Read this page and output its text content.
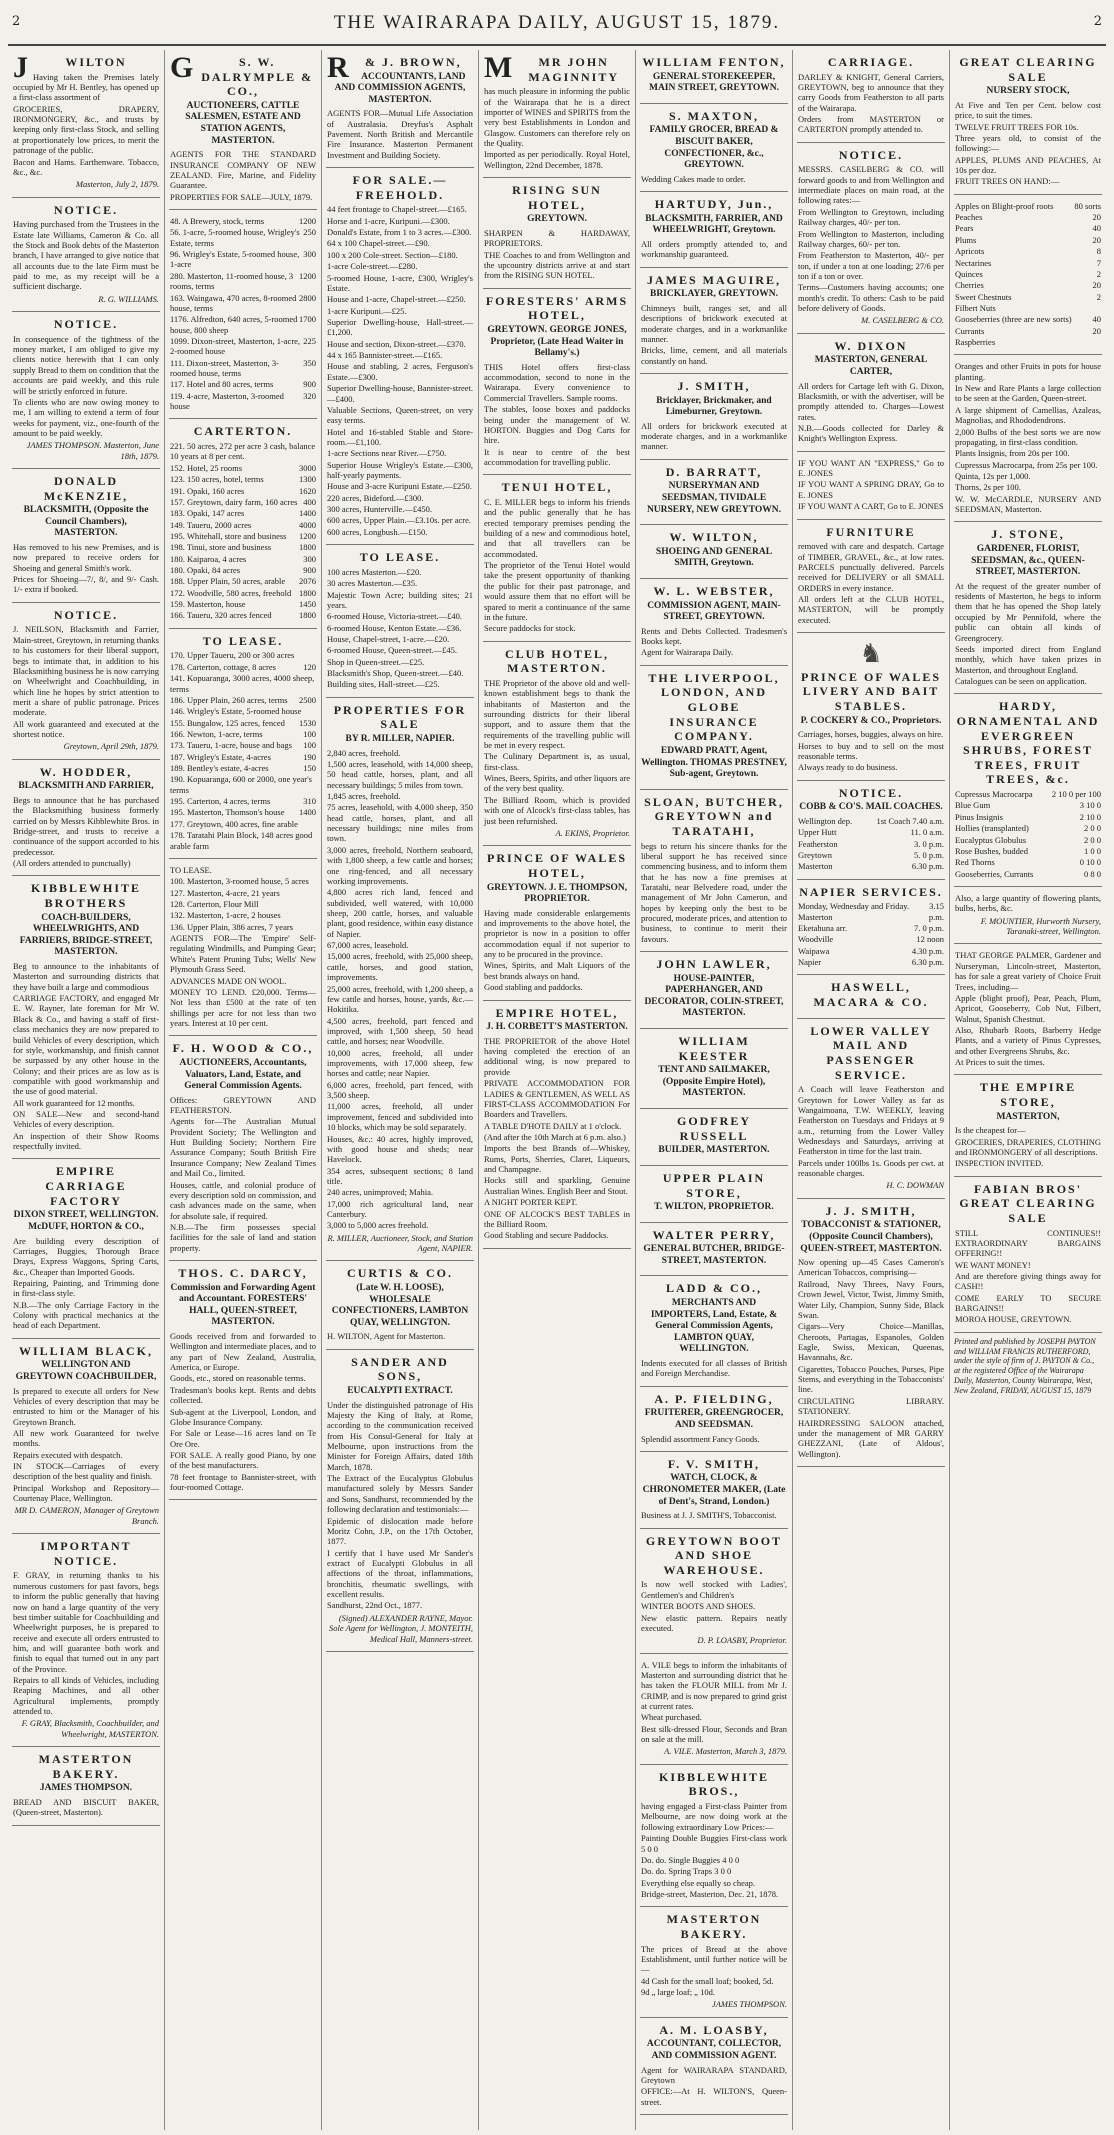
2	THE WAIRARAPA DAILY, AUGUST 15, 1879.	2
J	WILTON

Having taken the Premises lately occupied by Mr H. Bentley, has opened up a first-class assortment of

GROCERIES, DRAPERY, IRONMONGERY, &c., and trusts by keeping only first-class Stock, and selling at proportionately low prices, to merit the patronage of the public.

Bacon and Hams. Earthenware. Tobacco, &c., &c.

Masterton, July 2, 1879.

NOTICE.

Having purchased from the Trustees in the Estate late Williams, Cameron & Co. all the Stock and Book debts of the Masterton branch, I have arranged to give notice that all accounts due to the late Firm must be paid to me, as my receipt will be a sufficient discharge.

R. G. WILLIAMS.

NOTICE.

In consequence of the tightness of the money market, I am obliged to give my clients notice herewith that I can only supply Bread to them on condition that the accounts are paid weekly, and this rule will be strictly enforced in future.

To clients who are now owing money to me, I am willing to extend a term of four weeks for payment, viz., one-fourth of the amount to be paid weekly.

JAMES THOMPSON. Masterton, June 18th, 1879.

DONALD McKENZIE,
BLACKSMITH, (Opposite the Council Chambers), MASTERTON.

Has removed to his new Premises, and is now prepared to receive orders for Shoeing and general Smith's work.

Prices for Shoeing—7/, 8/, and 9/- Cash. 1/- extra if booked.

NOTICE.

J. NEILSON, Blacksmith and Farrier, Main-street, Greytown, in returning thanks to his customers for their liberal support, begs to intimate that, in addition to his Blacksmithing business he is now carrying on Wheelwright and Coachbuilding, in which line he hopes by strict attention to merit a share of public patronage. Prices moderate.

All work guaranteed and executed at the shortest notice.

Greytown, April 29th, 1879.

W. HODDER,
BLACKSMITH AND FARRIER,

Begs to announce that he has purchased the Blacksmithing business formerly carried on by Messrs Kibblewhite Bros. in Bridge-street, and trusts to receive a continuance of the support accorded to his predecessor.

(All orders attended to punctually)

KIBBLEWHITE BROTHERS
COACH-BUILDERS, WHEELWRIGHTS, AND FARRIERS, BRIDGE-STREET, MASTERTON.

Beg to announce to the inhabitants of Masterton and surrounding districts that they have built a large and commodious

CARRIAGE FACTORY, and engaged Mr E. W. Rayner, late foreman for Mr W. Black & Co., and having a staff of first-class mechanics they are now prepared to build Vehicles of every description, which for style, workmanship, and finish cannot be surpassed by any other house in the Colony; and their prices are as low as is compatible with good workmanship and the use of good material.

All work guaranteed for 12 months.

ON SALE—New and second-hand Vehicles of every description.

An inspection of their Show Rooms respectfully invited.

EMPIRE CARRIAGE FACTORY
DIXON STREET, WELLINGTON. McDUFF, HORTON & CO.,

Are building every description of Carriages, Buggies, Thorough Brace Drays, Express Waggons, Spring Carts, &c., Cheaper than Imported Goods.

Repairing, Painting, and Trimming done in first-class style.

N.B.—The only Carriage Factory in the Colony with practical mechanics at the head of each Department.

WILLIAM BLACK,
WELLINGTON AND GREYTOWN COACHBUILDER,

Is prepared to execute all orders for New Vehicles of every description that may be entrusted to him or the Manager of his Greytown Branch.

All new work Guaranteed for twelve months.

Repairs executed with despatch.

IN STOCK—Carriages of every description of the best quality and finish.

Principal Workshop and Repository—Courtenay Place, Wellington.

MR D. CAMERON, Manager of Greytown Branch.

IMPORTANT NOTICE.

F. GRAY, in returning thanks to his numerous customers for past favors, begs to inform the public generally that having now on hand a large quantity of the very best timber suitable for Coachbuilding and Wheelwright purposes, he is prepared to receive and execute all orders entrusted to him, and will guarantee both work and finish to equal that turned out in any part of the Province.

Repairs to all kinds of Vehicles, including Reaping Machines, and all other Agricultural implements, promptly attended to.

F. GRAY, Blacksmith, Coachbuilder, and Wheelwright, MASTERTON.

MASTERTON BAKERY.
JAMES THOMPSON.

BREAD AND BISCUIT BAKER, (Queen-street, Masterton).

G	S. W. DALRYMPLE & CO.,
AUCTIONEERS, CATTLE SALESMEN, ESTATE AND STATION AGENTS, MASTERTON.

AGENTS FOR THE STANDARD INSURANCE COMPANY OF NEW ZEALAND. Fire, Marine, and Fidelity Guarantee.

PROPERTIES FOR SALE—JULY, 1879.

48. A Brewery, stock, terms	1200
56. 1-acre, 5-roomed house, Wrigley's Estate, terms
250
96. Wrigley's Estate, 5-roomed house, 1-acre
300
280. Masterton, 11-roomed house, 3 rooms, terms
1200
163. Waingawa, 470 acres, 8-roomed house, terms
2800
1176. Alfredton, 640 acres, 5-roomed house, 800 sheep
1700
1099. Dixon-street, Masterton, 1-acre, 2-roomed house
225
111. Dixon-street, Masterton, 3-roomed house, terms
350
117. Hotel and 80 acres, terms	900
119. 4-acre, Masterton, 3-roomed house
320
CARTERTON.
221. 50 acres, 272 per acre 3 cash, balance 10 years at 8 per cent.
152. Hotel, 25 rooms	3000
123. 150 acres, hotel, terms	1300
191. Opaki, 160 acres	1620
157. Greytown, dairy farm, 160 acres 400
183. Opaki, 147 acres	1400
149. Taueru, 2000 acres	4000
195. Whitehall, store and business 1200
198. Tinui, store and business	1800
180. Kaiparoa, 4 acres	300
180. Opaki, 84 acres	900
188. Upper Plain, 50 acres, arable 2076
172. Woodville, 580 acres, freehold 1800
159. Masterton, house	1450
166. Taueru, 320 acres fenced	1800
TO LEASE.
170. Upper Taueru, 200 or 300 acres
178. Carterton, cottage, 8 acres	120
141. Kopuaranga, 3000 acres, 4000 sheep, terms
186. Upper Plain, 260 acres, terms 2500
146. Wrigley's Estate, 5-roomed house
155. Bungalow, 125 acres, fenced 1530
166. Newton, 1-acre, terms	100
173. Taueru, 1-acre, house and bags 100
187. Wrigley's Estate, 4-acres	190
189. Bentley's estate, 4-acres	150
190. Kopuaranga, 600 or 2000, one year's terms
195. Carterton, 4 acres, terms	310
195. Masterton, Thomson's house 1400
177. Greytown, 400 acres, fine arable
178. Taratahi Plain Block, 148 acres good arable farm

TO LEASE.

100. Masterton, 3-roomed house, 5 acres

127. Masterton, 4-acre, 21 years

128. Carterton, Flour Mill

132. Masterton, 1-acre, 2 houses

136. Upper Plain, 386 acres, 7 years

AGENTS FOR—The 'Empire' Self-regulating Windmills, and Pumping Gear; White's Patent Pruning Tubs; Wells' New Plymouth Grass Seed.

ADVANCES MADE ON WOOL.

MONEY TO LEND. £20,000. Terms—Not less than £500 at the rate of ten shillings per acre for not less than two years. Interest at 10 per cent.

F. H. WOOD & CO.,
AUCTIONEERS, Accountants, Valuators, Land, Estate, and General Commission Agents.

Offices: GREYTOWN AND FEATHERSTON.

Agents for—The Australian Mutual Provident Society; The Wellington and Hutt Building Society; Northern Fire Assurance Company; South British Fire Insurance Company; New Zealand Times and Mail Co., limited.

Houses, cattle, and colonial produce of every description sold on commission, and cash advances made on the same, when for absolute sale, if required.

N.B.—The firm possesses special facilities for the sale of land and station property.

THOS. C. DARCY,
Commission and Forwarding Agent and Accountant. FORESTERS' HALL, QUEEN-STREET, MASTERTON.

Goods received from and forwarded to Wellington and intermediate places, and to any part of New Zealand, Australia, America, or Europe.

Goods, etc., stored on reasonable terms.

Tradesman's books kept. Rents and debts collected.

Sub-agent at the Liverpool, London, and Globe Insurance Company.

For Sale or Lease—16 acres land on Te Ore Ore.

FOR SALE. A really good Piano, by one of the best manufacturers.

78 feet frontage to Bannister-street, with four-roomed Cottage.

R & J. BROWN,
ACCOUNTANTS, LAND AND COMMISSION AGENTS, MASTERTON.

AGENTS FOR—Mutual Life Association of Australasia. Dreyfus's Asphalt Pavement. North British and Mercantile Fire Insurance. Masterton Permanent Investment and Building Society.

FOR SALE.—FREEHOLD.

44 feet frontage to Chapel-street.—£165.

Horse and 1-acre, Kuripuni.—£300.

Donald's Estate, from 1 to 3 acres.—£300.

64 x 100 Chapel-street.—£90.

100 x 200 Cole-street. Section—£180.

1-acre Cole-street.—£280.

5-roomed House, 1-acre, £300, Wrigley's Estate.

House and 1-acre, Chapel-street.—£250.

1-acre Kuripuni.—£25.

Superior Dwelling-house, Hall-street.—£1,200.

House and section, Dixon-street.—£370.

44 x 165 Bannister-street.—£165.

House and stabling, 2 acres, Ferguson's Estate.—£300.

Superior Dwelling-house, Bannister-street.—£400.

Valuable Sections, Queen-street, on very easy terms.

Hotel and 16-stabled Stable and Store-room.—£1,100.

1-acre Sections near River.—£750.

Superior House Wrigley's Estate.—£300, half-yearly payments.

House and 3-acre Kuripuni Estate.—£250.

220 acres, Bideford.—£300.

300 acres, Hunterville.—£450.

600 acres, Upper Plain.—£3.10s. per acre.

600 acres, Longbush.—£150.

TO LEASE.

100 acres Masterton.—£20.

30 acres Masterton.—£35.

Majestic Town Acre; building sites; 21 years.

6-roomed House, Victoria-street.—£40.

6-roomed House, Kenton Estate.—£36.

House, Chapel-street, 1-acre.—£20.

6-roomed House, Queen-street.—£45.

Shop in Queen-street.—£25.

Blacksmith's Shop, Queen-street.—£40.

Building sites, Hall-street.—£25.

PROPERTIES FOR SALE
BY R. MILLER, NAPIER.

2,840 acres, freehold.

1,500 acres, leasehold, with 14,000 sheep, 50 head cattle, horses, plant, and all necessary buildings; 5 miles from town.

1,845 acres, freehold.

75 acres, leasehold, with 4,000 sheep, 350 head cattle, horses, plant, and all necessary buildings; nine miles from town.

3,000 acres, freehold, Northern seaboard, with 1,800 sheep, a few cattle and horses; one ring-fenced, and all necessary working improvements.

4,800 acres rich land, fenced and subdivided, well watered, with 10,000 sheep, 200 cattle, horses, and valuable plant, good residence, within easy distance of Napier.

67,000 acres, leasehold.

15,000 acres, freehold, with 25,000 sheep, cattle, horses, and good station, improvements.

25,000 acres, freehold, with 1,200 sheep, a few cattle and horses, house, yards, &c.—Hokitika.

4,500 acres, freehold, part fenced and improved, with 1,500 sheep, 50 head cattle, and horses; near Woodville.

10,000 acres, freehold, all under improvements, with 17,000 sheep, few horses and cattle; near Napier.

6,000 acres, freehold, part fenced, with 3,500 sheep.

11,000 acres, freehold, all under improvement, fenced and subdivided into 10 blocks, which may be sold separately.

Houses, &c.: 40 acres, highly improved, with good house and sheds; near Havelock.

354 acres, subsequent sections; 8 land title.

240 acres, unimproved; Mahia.

17,000 rich agricultural land, near Canterbury.

3,000 to 5,000 acres freehold.

R. MILLER, Auctioneer, Stock, and Station Agent, NAPIER.

CURTIS & CO.
(Late W. H. LOOSE), WHOLESALE CONFECTIONERS, LAMBTON QUAY, WELLINGTON.

H. WILTON, Agent for Masterton.

SANDER AND SONS,
EUCALYPTI EXTRACT.

Under the distinguished patronage of His Majesty the King of Italy, at Rome, according to the communication received from His Consul-General for Italy at Melbourne, upon instructions from the Minister for Foreign Affairs, dated 18th March, 1878.

The Extract of the Eucalyptus Globulus manufactured solely by Messrs Sander and Sons, Sandhurst, recommended by the following declaration and testimonials:—

Epidemic of dislocation made before Moritz Cohn, J.P., on the 17th October, 1877.

I certify that I have used Mr Sander's extract of Eucalypti Globulus in all affections of the throat, inflammations, bronchitis, rheumatic swellings, with excellent results.

Sandhurst, 22nd Oct., 1877.

(Signed) ALEXANDER RAYNE, Mayor. Sole Agent for Wellington, J. MONTEITH, Medical Hall, Manners-street.

M MR JOHN MAGINNITY

has much pleasure in informing the public of the Wairarapa that he is a direct importer of WINES and SPIRITS from the very best Establishments in London and Glasgow. Customers can therefore rely on the Quality.

Imported as per periodically. Royal Hotel, Wellington, 22nd December, 1878.

RISING SUN HOTEL,
GREYTOWN.

SHARPEN & HARDAWAY, PROPRIETORS.

THE Coaches to and from Wellington and the upcountry districts arrive at and start from the RISING SUN HOTEL.

FORESTERS' ARMS HOTEL,
GREYTOWN. GEORGE JONES, Proprietor, (Late Head Waiter in Bellamy's.)

THIS Hotel offers first-class accommodation, second to none in the Wairarapa. Every convenience to Commercial Travellers. Sample rooms.

The stables, loose boxes and paddocks being under the management of W. HORTON. Buggies and Dog Carts for hire.

It is near to centre of the best accommodation for travelling public.

TENUI HOTEL,

C. E. MILLER begs to inform his friends and the public generally that he has erected temporary premises pending the building of a new and commodious hotel, and that all travellers can be accommodated.

The proprietor of the Tenui Hotel would take the present opportunity of thanking the public for their past patronage, and would assure them that no effort will be spared to merit a continuance of the same in the future.

Secure paddocks for stock.

CLUB HOTEL, MASTERTON.

THE Proprietor of the above old and well-known establishment begs to thank the inhabitants of Masterton and the surrounding districts for their liberal support, and to assure them that the requirements of the travelling public will be met in every respect.

The Culinary Department is, as usual, first-class.

Wines, Beers, Spirits, and other liquors are of the very best quality.

The Billiard Room, which is provided with one of Alcock's first-class tables, has just been refurnished.

A. EKINS, Proprietor.

PRINCE OF WALES HOTEL,
GREYTOWN. J. E. THOMPSON, PROPRIETOR.

Having made considerable enlargements and improvements to the above hotel, the proprietor is now in a position to offer accommodation equal if not superior to any to be procured in the province.

Wines, Spirits, and Malt Liquors of the best brands always on hand.

Good stabling and paddocks.

EMPIRE HOTEL,
J. H. CORBETT'S MASTERTON.

THE PROPRIETOR of the above Hotel having completed the erection of an additional wing, is now prepared to provide

PRIVATE ACCOMMODATION FOR LADIES & GENTLEMEN, AS WELL AS FIRST-CLASS ACCOMMODATION For Boarders and Travellers.

A TABLE D'HOTE DAILY at 1 o'clock.

(And after the 10th March at 6 p.m. also.)

Imports the best Brands of—Whiskey, Rums, Ports, Sherries, Claret, Liqueurs, and Champagne.

Hocks still and sparkling, Genuine Australian Wines. English Beer and Stout.

A NIGHT PORTER KEPT.

ONE OF ALCOCK'S BEST TABLES in the Billiard Room.

Good Stabling and secure Paddocks.

WILLIAM FENTON,
GENERAL STOREKEEPER, MAIN STREET, GREYTOWN.
S. MAXTON,
FAMILY GROCER, BREAD & BISCUIT BAKER, CONFECTIONER, &c., GREYTOWN.

Wedding Cakes made to order.

HARTUDY, Jun.,
BLACKSMITH, FARRIER, AND WHEELWRIGHT, Greytown.

All orders promptly attended to, and workmanship guaranteed.

JAMES MAGUIRE,
BRICKLAYER, GREYTOWN.

Chimneys built, ranges set, and all descriptions of brickwork executed at moderate charges, and in a workmanlike manner.

Bricks, lime, cement, and all materials constantly on hand.

J. SMITH,
Bricklayer, Brickmaker, and Limeburner, Greytown.

All orders for brickwork executed at moderate charges, and in a workmanlike manner.

D. BARRATT,
NURSERYMAN AND SEEDSMAN, TIVIDALE NURSERY, NEW GREYTOWN.
W. WILTON,
SHOEING AND GENERAL SMITH, Greytown.
W. L. WEBSTER,
COMMISSION AGENT, MAIN-STREET, GREYTOWN.

Rents and Debts Collected. Tradesmen's Books kept.

Agent for Wairarapa Daily.

THE LIVERPOOL, LONDON, AND GLOBE INSURANCE COMPANY.
EDWARD PRATT, Agent, Wellington. THOMAS PRESTNEY, Sub-agent, Greytown.
SLOAN, BUTCHER, GREYTOWN and TARATAHI,

begs to return his sincere thanks for the liberal support he has received since commencing business, and to inform them that he has now a fine premises at Taratahi, near Belvedere road, under the management of Mr John Cameron, and hopes by keeping only the best to be procured, moderate prices, and attention to business, to continue to merit their favours.

JOHN LAWLER,
HOUSE-PAINTER, PAPERHANGER, AND DECORATOR, COLIN-STREET, MASTERTON.
WILLIAM KEESTER
TENT AND SAILMAKER, (Opposite Empire Hotel), MASTERTON.
GODFREY RUSSELL
BUILDER, MASTERTON.
UPPER PLAIN STORE,
T. WILTON, PROPRIETOR.
WALTER PERRY,
GENERAL BUTCHER, BRIDGE-STREET, MASTERTON.
LADD & CO.,
MERCHANTS AND IMPORTERS, Land, Estate, & General Commission Agents, LAMBTON QUAY, WELLINGTON.

Indents executed for all classes of British and Foreign Merchandise.

A. P. FIELDING,
FRUITERER, GREENGROCER, AND SEEDSMAN.

Splendid assortment Fancy Goods.

F. V. SMITH,
WATCH, CLOCK, & CHRONOMETER MAKER, (Late of Dent's, Strand, London.)

Business at J. J. SMITH'S, Tobacconist.

GREYTOWN BOOT AND SHOE WAREHOUSE.

Is now well stocked with Ladies', Gentlemen's and Children's

WINTER BOOTS AND SHOES.

New elastic pattern. Repairs neatly executed.

D. P. LOASBY, Proprietor.

A. VILE begs to inform the inhabitants of Masterton and surrounding district that he has taken the FLOUR MILL from Mr J. CRIMP, and is now prepared to grind grist at current rates.

Wheat purchased.

Best silk-dressed Flour, Seconds and Bran on sale at the mill.

A. VILE. Masterton, March 3, 1879.

KIBBLEWHITE BROS.,

having engaged a First-class Painter from Melbourne, are now doing work at the following extraordinary Low Prices:—

Painting Double Buggies First-class work 5 0 0

Do. do. Single Buggies 4 0 0

Do. do. Spring Traps 3 0 0

Everything else equally so cheap.

Bridge-street, Masterton, Dec. 21, 1878.

MASTERTON BAKERY.

The prices of Bread at the above Establishment, until further notice will be—

4d Cash for the small loaf; booked, 5d.

9d „ large loaf; „ 10d.

JAMES THOMPSON.

A. M. LOASBY,
ACCOUNTANT, COLLECTOR, AND COMMISSION AGENT.

Agent for WAIRARAPA STANDARD, Greytown

OFFICE:—At H. WILTON'S, Queen-street.

CARRIAGE.

DARLEY & KNIGHT, General Carriers, GREYTOWN, beg to announce that they carry Goods from Featherston to all parts of the Wairarapa.

Orders from MASTERTON or CARTERTON promptly attended to.

NOTICE.

MESSRS. CASELBERG & CO. will forward goods to and from Wellington and intermediate places on main road, at the following rates:—

From Wellington to Greytown, including Railway charges, 40/- per ton.

From Wellington to Masterton, including Railway charges, 60/- per ton.

From Featherston to Masterton, 40/- per ton, if under a ton at one loading; 27/6 per ton if a ton or over.

Terms—Customers having accounts; one month's credit. To others: Cash to be paid before delivery of Goods.

M. CASELBERG & CO.

W. DIXON
MASTERTON, GENERAL CARTER,

All orders for Cartage left with G. Dixon, Blacksmith, or with the advertiser, will be promptly attended to. Charges—Lowest rates.

N.B.—Goods collected for Darley & Knight's Wellington Express.

IF YOU WANT AN "EXPRESS," Go to E. JONES

IF YOU WANT A SPRING DRAY, Go to E. JONES

IF YOU WANT A CART, Go to E. JONES

FURNITURE

removed with care and despatch. Cartage of TIMBER, GRAVEL, &c., at low rates. PARCELS punctually delivered. Parcels received for DELIVERY or all SMALL ORDERS in every instance.

All orders left at the CLUB HOTEL, MASTERTON, will be promptly executed.

♞
PRINCE OF WALES LIVERY AND BAIT STABLES.
P. COCKERY & CO., Proprietors.

Carriages, horses, buggies, always on hire.

Horses to buy and to sell on the most reasonable terms.

Always ready to do business.

NOTICE.
COBB & CO'S. MAIL COACHES.
Wellington dep.	1st Coach 7.40 a.m.
Upper Hutt	11. 0 a.m.
Featherston	3. 0 p.m.
Greytown	5. 0 p.m.
Masterton	6.30 p.m.
NAPIER SERVICES.
Monday, Wednesday and Friday. Masterton
3.15 p.m.
Eketahuna arr.	7. 0 p.m.
Woodville	12 noon
Waipawa	4.30 p.m.
Napier	6.30 p.m.
HASWELL, MACARA & CO.
LOWER VALLEY MAIL AND PASSENGER SERVICE.

A Coach will leave Featherston and Greytown for Lower Valley as far as Wangaimoana, T.W. WEEKLY, leaving Featherston on Tuesdays and Fridays at 9 a.m., returning from the Lower Valley Wednesdays and Saturdays, arriving at Featherston in time for the last train.

Parcels under 100lbs 1s. Goods per cwt. at reasonable charges.

H. C. DOWMAN

J. J. SMITH,
TOBACCONIST & STATIONER, (Opposite Council Chambers), QUEEN-STREET, MASTERTON.

Now opening up—45 Cases Cameron's American Tobaccos, comprising—

Railroad, Navy Threes, Navy Fours, Crown Jewel, Victor, Twist, Jimmy Smith, Water Lily, Champion, Sunny Side, Black Swan.

Cigars—Very Choice—Manillas, Cheroots, Partagas, Espanoles, Golden Eagle, Swiss, Mexican, Queenas, Havannahs, &c.

Cigarettes, Tobacco Pouches, Purses, Pipe Stems, and everything in the Tobacconists' line.

CIRCULATING LIBRARY. STATIONERY.

HAIRDRESSING SALOON attached, under the management of MR GARRY GHEZZANI, (Late of Aldous', Wellington).

GREAT CLEARING SALE
NURSERY STOCK,

At Five and Ten per Cent. below cost price, to suit the times.

TWELVE FRUIT TREES FOR 10s.

Three years old, to consist of the following:—

APPLES, PLUMS AND PEACHES, At 10s per doz.

FRUIT TREES ON HAND:—

Apples on Blight-proof roots 80 sorts
Peaches	20
Pears	40
Plums	20
Apricots	8
Nectarines	7
Quinces	2
Cherries	20
Sweet Chestnuts	2
Filbert Nuts
Gooseberries (three are new sorts) 40
Currants	20
Raspberries

Oranges and other Fruits in pots for house planting.

In New and Rare Plants a large collection to be seen at the Garden, Queen-street.

A large shipment of Camellias, Azaleas, Magnolias, and Rhododendrons.

2,000 Bulbs of the best sorts we are now propagating, in first-class condition.

Plants Insignis, from 20s per 100.

Cupressus Macrocarpa, from 25s per 100.

Quinta, 12s per 1,000.

Thorns, 2s per 100.

W. W. McCARDLE, NURSERY AND SEEDSMAN, Masterton.

J. STONE,
GARDENER, FLORIST, SEEDSMAN, &c., QUEEN-STREET, MASTERTON.

At the request of the greater number of residents of Masterton, he begs to inform them that he has opened the Shop lately occupied by Mr Pennifold, where the public can obtain all kinds of Greengrocery.

Seeds imported direct from England monthly, which have taken prizes in Masterton, and throughout England.

Catalogues can be seen on application.

HARDY, ORNAMENTAL AND EVERGREEN SHRUBS, FOREST TREES, FRUIT TREES, &c.
Cupressus Macrocarpa 2 10 0 per 100
Blue Gum	3 10 0
Pinus Insignis	2 10 0
Hollies (transplanted)	2 0 0
Eucalyptus Globulus	2 0 0
Rose Bushes, budded	1 0 0
Red Thorns	0 10 0
Gooseberries, Currants	0 8 0

Also, a large quantity of flowering plants, bulbs, herbs, &c.

F. MOUNTIER, Hurworth Nursery, Taranaki-street, Wellington.

THAT GEORGE PALMER, Gardener and Nurseryman, Lincoln-street, Masterton, has for sale a great variety of Choice Fruit Trees, including—

Apple (blight proof), Pear, Peach, Plum, Apricot, Gooseberry, Cob Nut, Filbert, Walnut, Spanish Chestnut.

Also, Rhubarb Roots, Barberry Hedge Plants, and a variety of Pinus Cypresses, and other Evergreens Shrubs, &c.

At Prices to suit the times.

THE EMPIRE STORE,
MASTERTON,

Is the cheapest for—

GROCERIES, DRAPERIES, CLOTHING and IRONMONGERY of all descriptions.

INSPECTION INVITED.

FABIAN BROS' GREAT CLEARING SALE

STILL CONTINUES!! EXTRAORDINARY BARGAINS OFFERING!!

WE WANT MONEY!

And are therefore giving things away for CASH!!

COME EARLY TO SECURE BARGAINS!!

MOROA HOUSE, GREYTOWN.

Printed and published by JOSEPH PAYTON and WILLIAM FRANCIS RUTHERFORD, under the style of firm of J. PAYTON & Co., at the registered Office of the Wairarapa Daily, Masterton, County Wairarapa, West, New Zealand, FRIDAY, AUGUST 15, 1879
